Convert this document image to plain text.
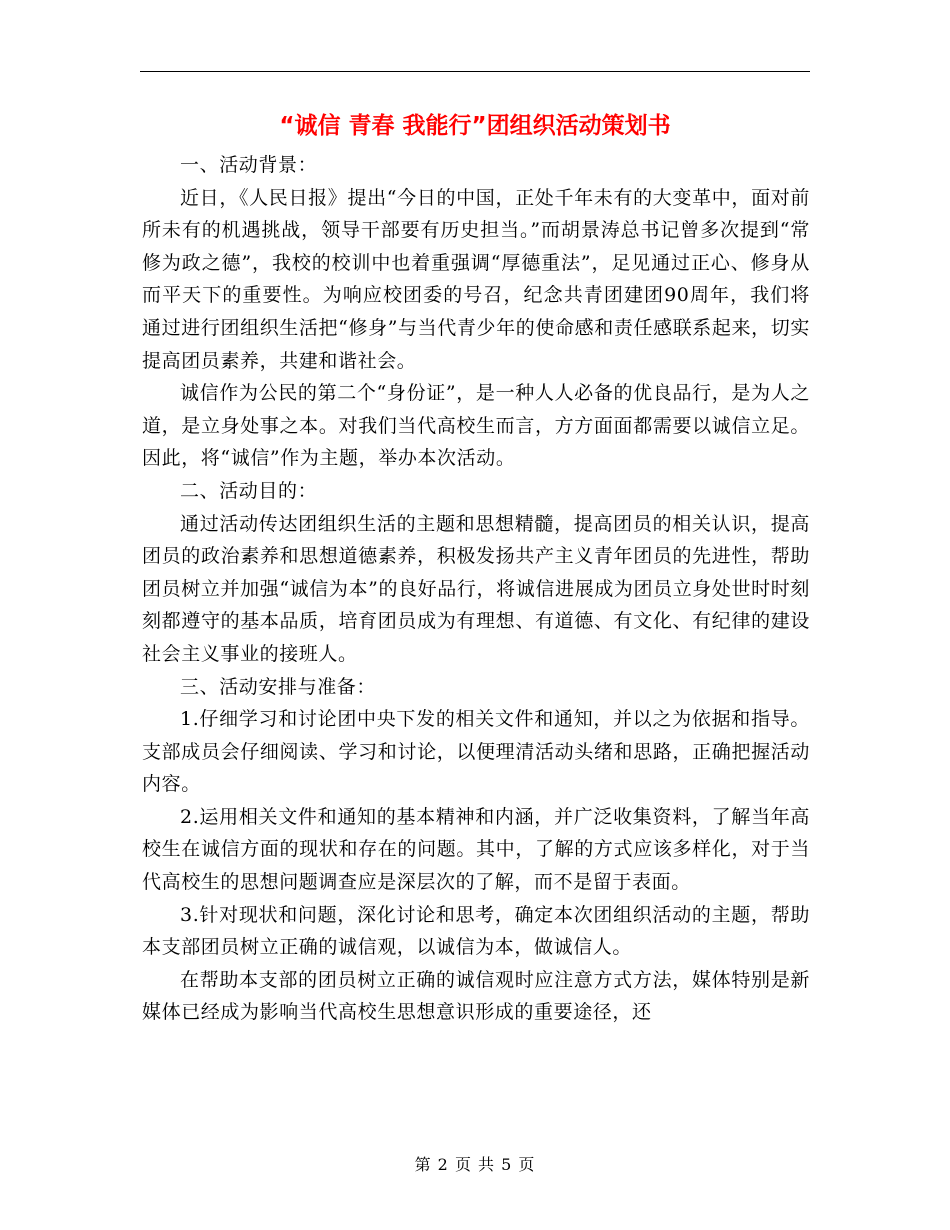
“诚信 青春 我能行”团组织活动策划书

一、活动背景：

近日，《人民日报》提出“今日的中国，正处千年未有的大变革中，面对前所未有的机遇挑战，领导干部要有历史担当。”而胡景涛总书记曾多次提到“常修为政之德”，我校的校训中也着重强调“厚德重法”，足见通过正心、修身从而平天下的重要性。为响应校团委的号召，纪念共青团建团90周年，我们将通过进行团组织生活把“修身”与当代青少年的使命感和责任感联系起来，切实提高团员素养，共建和谐社会。

诚信作为公民的第二个“身份证”，是一种人人必备的优良品行，是为人之道，是立身处事之本。对我们当代高校生而言，方方面面都需要以诚信立足。因此，将“诚信”作为主题，举办本次活动。

二、活动目的：

通过活动传达团组织生活的主题和思想精髓，提高团员的相关认识，提高团员的政治素养和思想道德素养，积极发扬共产主义青年团员的先进性，帮助团员树立并加强“诚信为本”的良好品行，将诚信进展成为团员立身处世时时刻刻都遵守的基本品质，培育团员成为有理想、有道德、有文化、有纪律的建设社会主义事业的接班人。

三、活动安排与准备：

1.仔细学习和讨论团中央下发的相关文件和通知，并以之为依据和指导。支部成员会仔细阅读、学习和讨论，以便理清活动头绪和思路，正确把握活动内容。

2.运用相关文件和通知的基本精神和内涵，并广泛收集资料，了解当年高校生在诚信方面的现状和存在的问题。其中，了解的方式应该多样化，对于当代高校生的思想问题调查应是深层次的了解，而不是留于表面。

3.针对现状和问题，深化讨论和思考，确定本次团组织活动的主题，帮助本支部团员树立正确的诚信观，以诚信为本，做诚信人。

在帮助本支部的团员树立正确的诚信观时应注意方式方法，媒体特别是新媒体已经成为影响当代高校生思想意识形成的重要途径，还

第 2 页 共 5 页
